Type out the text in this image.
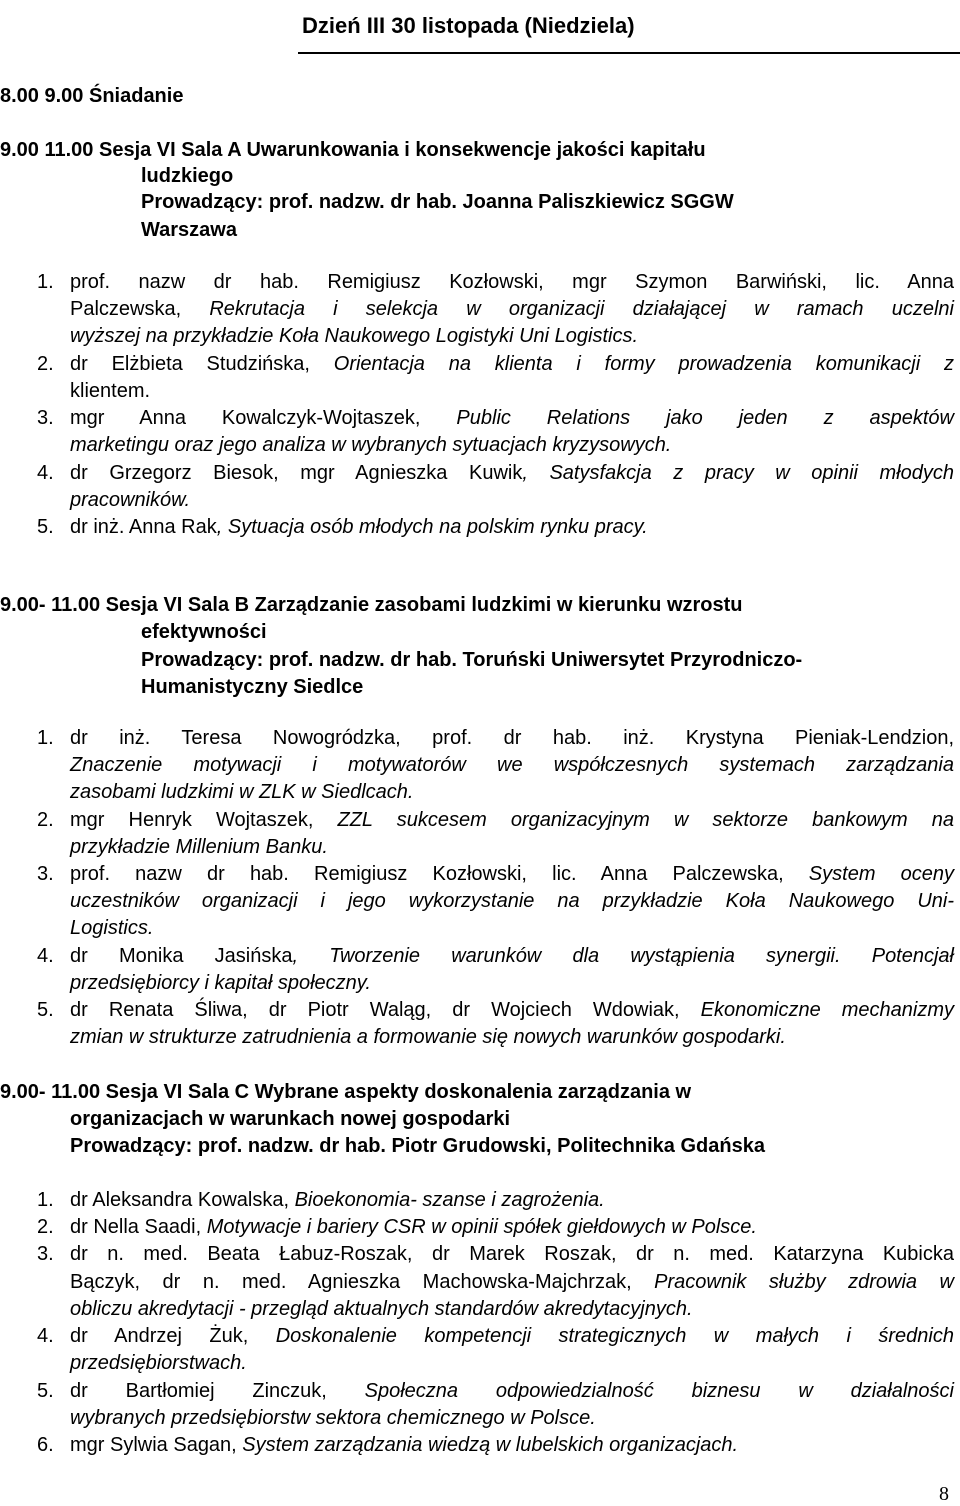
Dzień III 30 listopada (Niedziela)
8.00 9.00 Śniadanie
9.00 11.00 Sesja VI Sala A Uwarunkowania i konsekwencje jakości kapitału
ludzkiego
Prowadzący: prof. nadzw. dr hab. Joanna Paliszkiewicz SGGW
Warszawa
1. prof. nazw dr hab. Remigiusz Kozłowski, mgr Szymon Barwiński, lic. Anna
Palczewska, Rekrutacja i selekcja w organizacji działającej w ramach uczelni
wyższej na przykładzie Koła Naukowego Logistyki Uni Logistics.
2. dr Elżbieta Studzińska, Orientacja na klienta i formy prowadzenia komunikacji z
klientem.
3. mgr Anna Kowalczyk-Wojtaszek, Public Relations jako jeden z aspektów
marketingu oraz jego analiza w wybranych sytuacjach kryzysowych.
4. dr Grzegorz Biesok, mgr Agnieszka Kuwik, Satysfakcja z pracy w opinii młodych
pracowników.
5. dr inż. Anna Rak, Sytuacja osób młodych na polskim rynku pracy.
9.00- 11.00 Sesja VI Sala B Zarządzanie zasobami ludzkimi w kierunku wzrostu
efektywności
Prowadzący: prof. nadzw. dr hab. Toruński Uniwersytet Przyrodniczo-
Humanistyczny Siedlce
1. dr inż. Teresa Nowogródzka, prof. dr hab. inż. Krystyna Pieniak-Lendzion,
Znaczenie motywacji i motywatorów we współczesnych systemach zarządzania
zasobami ludzkimi w ZLK w Siedlcach.
2. mgr Henryk Wojtaszek, ZZL sukcesem organizacyjnym w sektorze bankowym na
przykładzie Millenium Banku.
3. prof. nazw dr hab. Remigiusz Kozłowski, lic. Anna Palczewska, System oceny
uczestników organizacji i jego wykorzystanie na przykładzie Koła Naukowego Uni-
Logistics.
4. dr Monika Jasińska, Tworzenie warunków dla wystąpienia synergii. Potencjał
przedsiębiorcy i kapitał społeczny.
5. dr Renata Śliwa, dr Piotr Waląg, dr Wojciech Wdowiak, Ekonomiczne mechanizmy
zmian w strukturze zatrudnienia a formowanie się nowych warunków gospodarki.
9.00- 11.00 Sesja VI Sala C Wybrane aspekty doskonalenia zarządzania w
organizacjach w warunkach nowej gospodarki
Prowadzący: prof. nadzw. dr hab. Piotr Grudowski, Politechnika Gdańska
1. dr Aleksandra Kowalska, Bioekonomia- szanse i zagrożenia.
2. dr Nella Saadi, Motywacje i bariery CSR w opinii spółek giełdowych w Polsce.
3. dr n. med. Beata Łabuz-Roszak, dr Marek Roszak, dr n. med. Katarzyna Kubicka
Bączyk, dr n. med. Agnieszka Machowska-Majchrzak, Pracownik służby zdrowia w
obliczu akredytacji - przegląd aktualnych standardów akredytacyjnych.
4. dr Andrzej Żuk, Doskonalenie kompetencji strategicznych w małych i średnich
przedsiębiorstwach.
5. dr Bartłomiej Zinczuk, Społeczna odpowiedzialność biznesu w działalności
wybranych przedsiębiorstw sektora chemicznego w Polsce.
6. mgr Sylwia Sagan, System zarządzania wiedzą w lubelskich organizacjach.
8
